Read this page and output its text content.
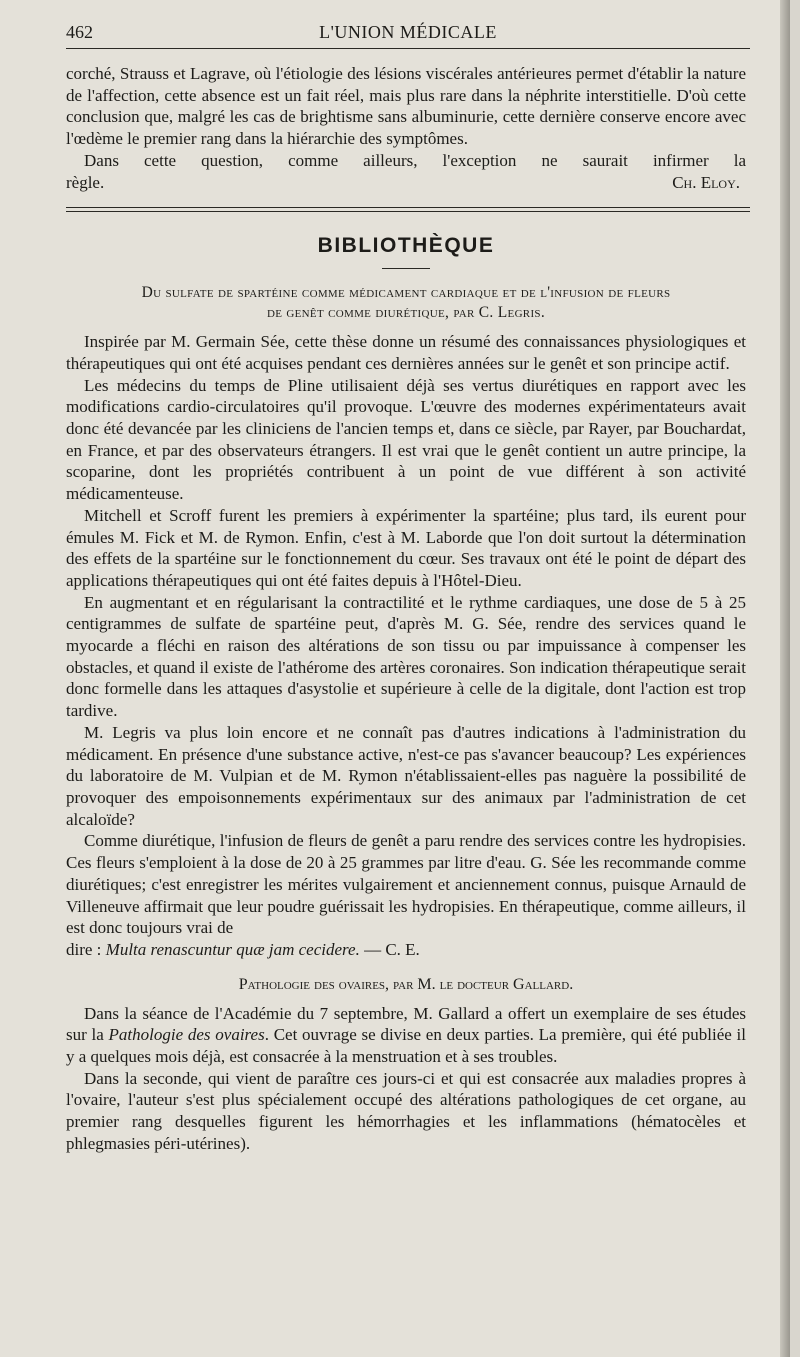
462	L'UNION MÉDICALE

corché, Strauss et Lagrave, où l'étiologie des lésions viscérales antérieures permet d'établir la nature de l'affection, cette absence est un fait réel, mais plus rare dans la néphrite interstitielle. D'où cette conclusion que, malgré les cas de brightisme sans albuminurie, cette dernière conserve encore avec l'œdème le premier rang dans la hiérarchie des symptômes.

Dans cette question, comme ailleurs, l'exception ne saurait infirmer la

règle.	Ch. Eloy.
BIBLIOTHÈQUE
Du sulfate de spartéine comme médicament cardiaque et de l'infusion de fleurs
de genêt comme diurétique, par C. Legris.

Inspirée par M. Germain Sée, cette thèse donne un résumé des connaissances physiologiques et thérapeutiques qui ont été acquises pendant ces dernières années sur le genêt et son principe actif.

Les médecins du temps de Pline utilisaient déjà ses vertus diurétiques en rapport avec les modifications cardio-circulatoires qu'il provoque. L'œuvre des modernes expérimentateurs avait donc été devancée par les cliniciens de l'ancien temps et, dans ce siècle, par Rayer, par Bouchardat, en France, et par des observateurs étrangers. Il est vrai que le genêt contient un autre principe, la scoparine, dont les propriétés contribuent à un point de vue différent à son activité médicamenteuse.

Mitchell et Scroff furent les premiers à expérimenter la spartéine; plus tard, ils eurent pour émules M. Fick et M. de Rymon. Enfin, c'est à M. Laborde que l'on doit surtout la détermination des effets de la spartéine sur le fonctionnement du cœur. Ses travaux ont été le point de départ des applications thérapeutiques qui ont été faites depuis à l'Hôtel-Dieu.

En augmentant et en régularisant la contractilité et le rythme cardiaques, une dose de 5 à 25 centigrammes de sulfate de spartéine peut, d'après M. G. Sée, rendre des services quand le myocarde a fléchi en raison des altérations de son tissu ou par impuissance à compenser les obstacles, et quand il existe de l'athérome des artères coronaires. Son indication thérapeutique serait donc formelle dans les attaques d'asystolie et supérieure à celle de la digitale, dont l'action est trop tardive.

M. Legris va plus loin encore et ne connaît pas d'autres indications à l'administration du médicament. En présence d'une substance active, n'est-ce pas s'avancer beaucoup? Les expériences du laboratoire de M. Vulpian et de M. Rymon n'établissaient-elles pas naguère la possibilité de provoquer des empoisonnements expérimentaux sur des animaux par l'administration de cet alcaloïde?

Comme diurétique, l'infusion de fleurs de genêt a paru rendre des services contre les hydropisies. Ces fleurs s'emploient à la dose de 20 à 25 grammes par litre d'eau. G. Sée les recommande comme diurétiques; c'est enregistrer les mérites vulgairement et anciennement connus, puisque Arnauld de Villeneuve affirmait que leur poudre guérissait les hydropisies. En thérapeutique, comme ailleurs, il est donc toujours vrai de

dire : Multa renascuntur quæ jam cecidere. — C. E.

Pathologie des ovaires, par M. le docteur Gallard.

Dans la séance de l'Académie du 7 septembre, M. Gallard a offert un exemplaire de ses études sur la Pathologie des ovaires. Cet ouvrage se divise en deux parties. La première, qui été publiée il y a quelques mois déjà, est consacrée à la menstruation et à ses troubles.

Dans la seconde, qui vient de paraître ces jours-ci et qui est consacrée aux maladies propres à l'ovaire, l'auteur s'est plus spécialement occupé des altérations pathologiques de cet organe, au premier rang desquelles figurent les hémorrhagies et les inflammations (hématocèles et phlegmasies péri-utérines).
